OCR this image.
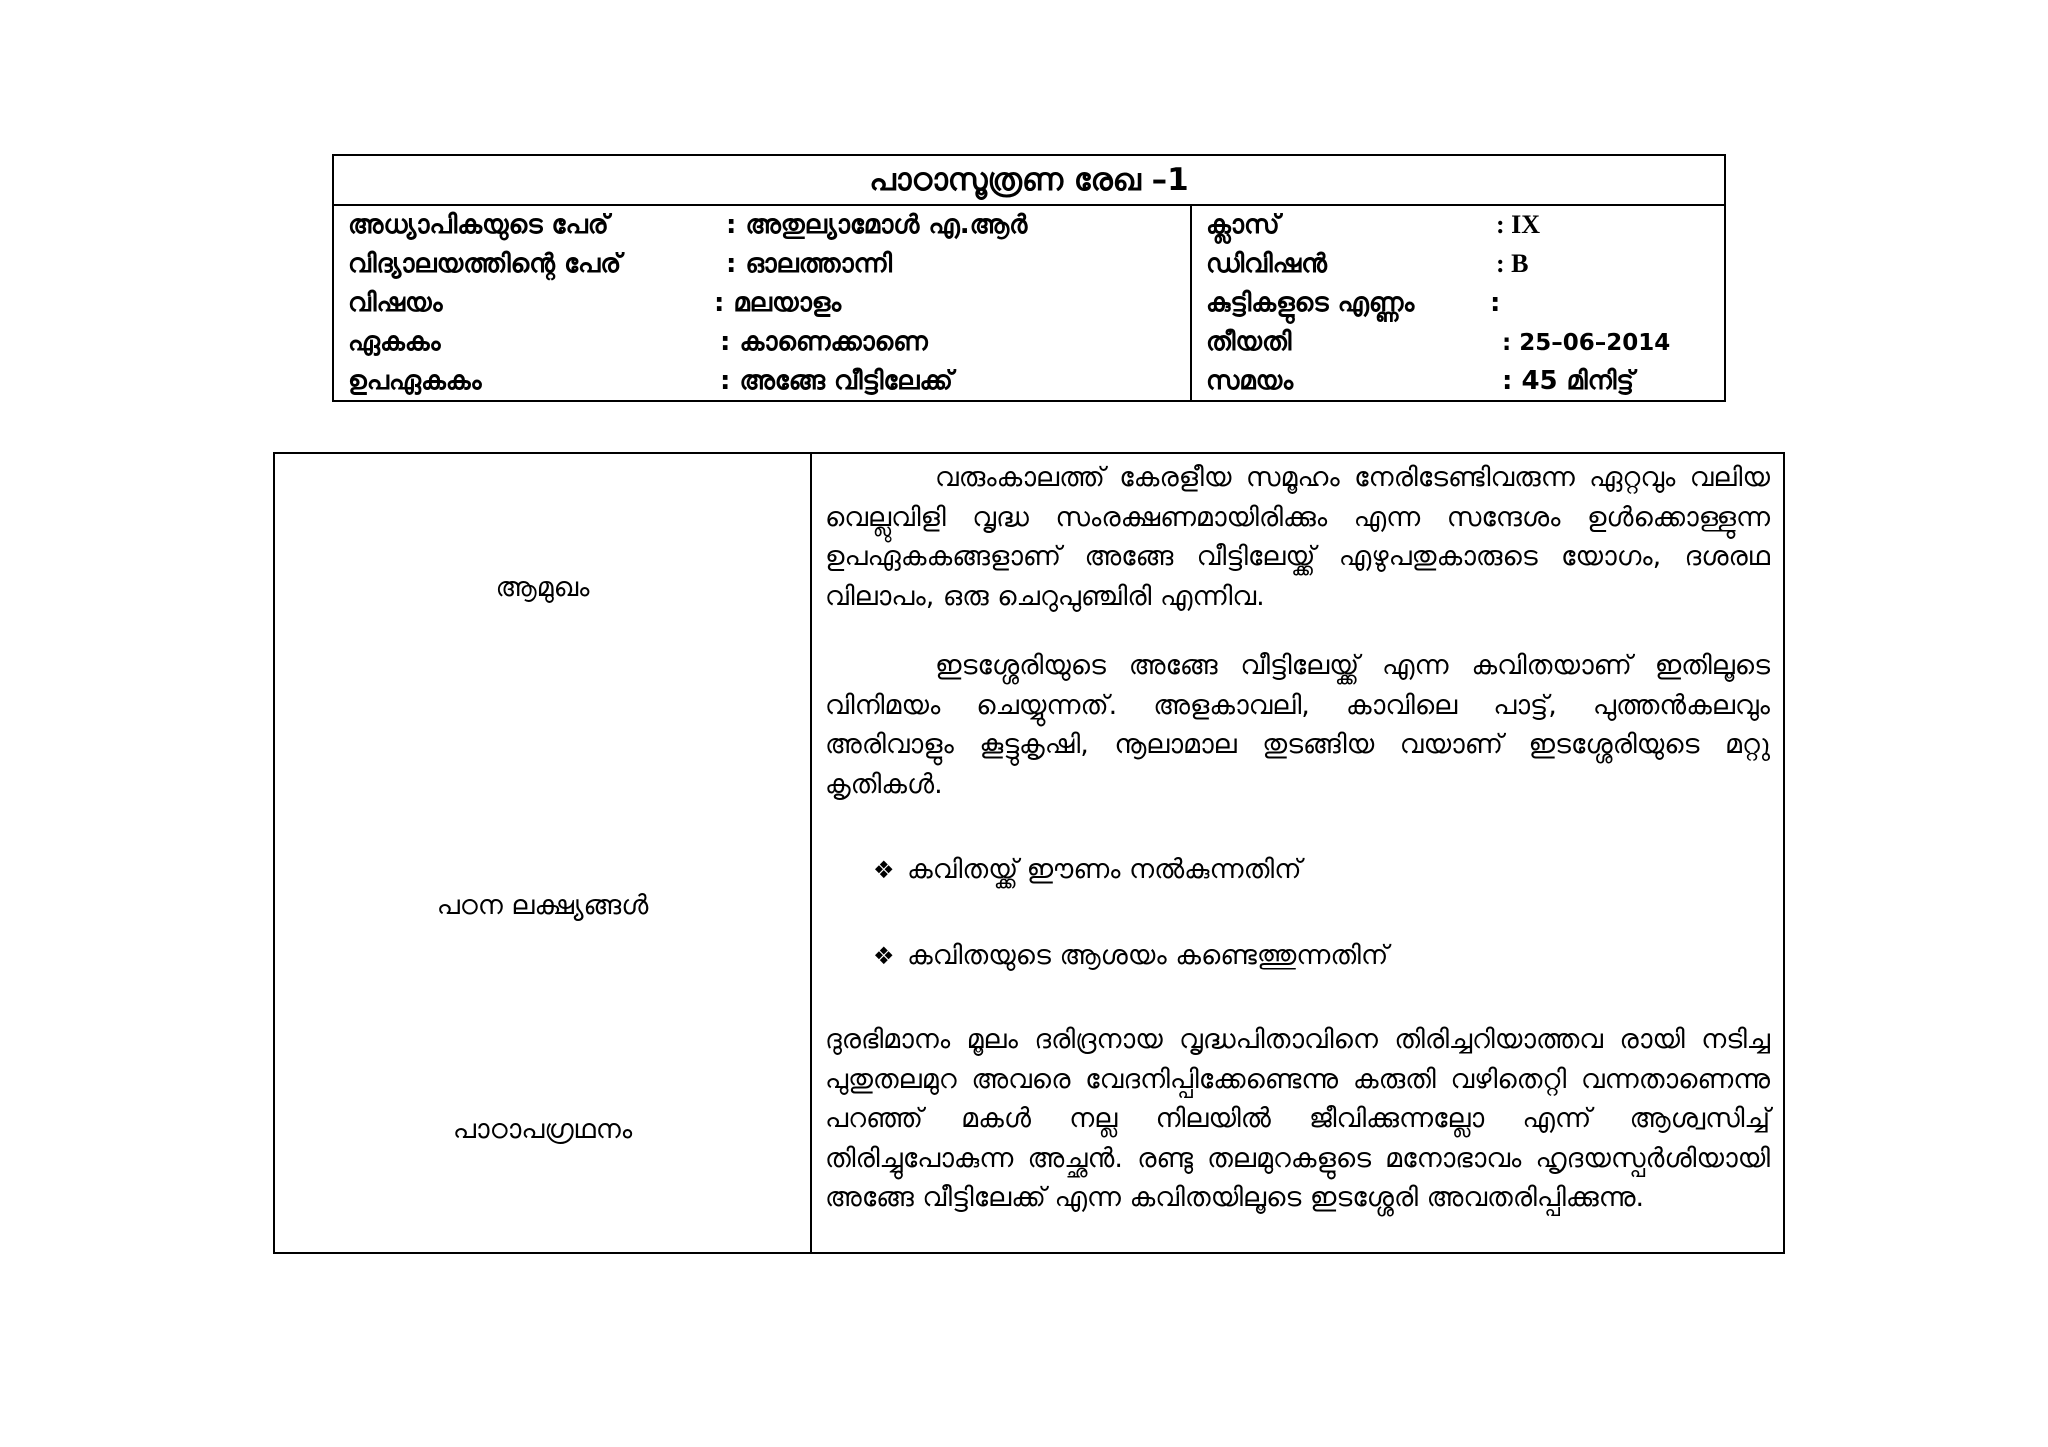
പാഠാസൂത്രണ രേഖ –1
അധ്യാപികയുടെ പേര്	: അതുല്യാമോൾ എ.ആർ
വിദ്യാലയത്തിന്റെ പേര്	: ഓലത്താന്നി
വിഷയം	: മലയാളം
ഏകകം	: കാണെക്കാണെ
ഉപഏകകം	: അങ്ങേ വീട്ടിലേക്ക്
ക്ലാസ്	: IX
ഡിവിഷൻ	: B
കുട്ടികളുടെ എണ്ണം	:
തീയതി	: 25–06–2014
സമയം	: 45 മിനിട്ട്
ആമുഖം
വരുംകാലത്ത് കേരളീയ സമൂഹം നേരിടേണ്ടിവരുന്ന ഏറ്റവും വലിയ വെല്ലുവിളി വൃദ്ധ സംരക്ഷണമായിരിക്കും എന്ന സന്ദേശം ഉൾക്കൊള്ളുന്ന ഉപഏകകങ്ങളാണ് അങ്ങേ വീട്ടിലേയ്ക്ക് എഴുപതുകാരുടെ യോഗം, ദശരഥ വിലാപം, ഒരു ചെറുപുഞ്ചിരി എന്നിവ.
ഇടശ്ശേരിയുടെ അങ്ങേ വീട്ടിലേയ്ക്ക് എന്ന കവിതയാണ് ഇതിലൂടെ വിനിമയം ചെയ്യുന്നത്. അളകാവലി, കാവിലെ പാട്ട്, പുത്തൻകലവും അരിവാളും കൂട്ടുകൃഷി, നൂലാമാല തുടങ്ങിയ വയാണ് ഇടശ്ശേരിയുടെ മറ്റു കൃതികൾ.
പഠന ലക്ഷ്യങ്ങൾ
❖ കവിതയ്ക്ക് ഈണം നൽകുന്നതിന്
❖ കവിതയുടെ ആശയം കണ്ടെത്തുന്നതിന്
പാഠാപഗ്രഥനം
ദുരഭിമാനം മൂലം ദരിദ്രനായ വൃദ്ധപിതാവിനെ തിരിച്ചറിയാത്തവ രായി നടിച്ച പുതുതലമുറ അവരെ വേദനിപ്പിക്കേണ്ടെന്നു കരുതി വഴിതെറ്റി വന്നതാണെന്നു പറഞ്ഞ് മകൾ നല്ല നിലയിൽ ജീവിക്കുന്നല്ലോ എന്ന് ആശ്വസിച്ച് തിരിച്ചുപോകുന്ന അച്ഛൻ. രണ്ടു തലമുറകളുടെ മനോഭാവം ഹൃദയസ്പർശിയായി അങ്ങേ വീട്ടിലേക്ക് എന്ന കവിതയിലൂടെ ഇടശ്ശേരി അവതരിപ്പിക്കുന്നു.
